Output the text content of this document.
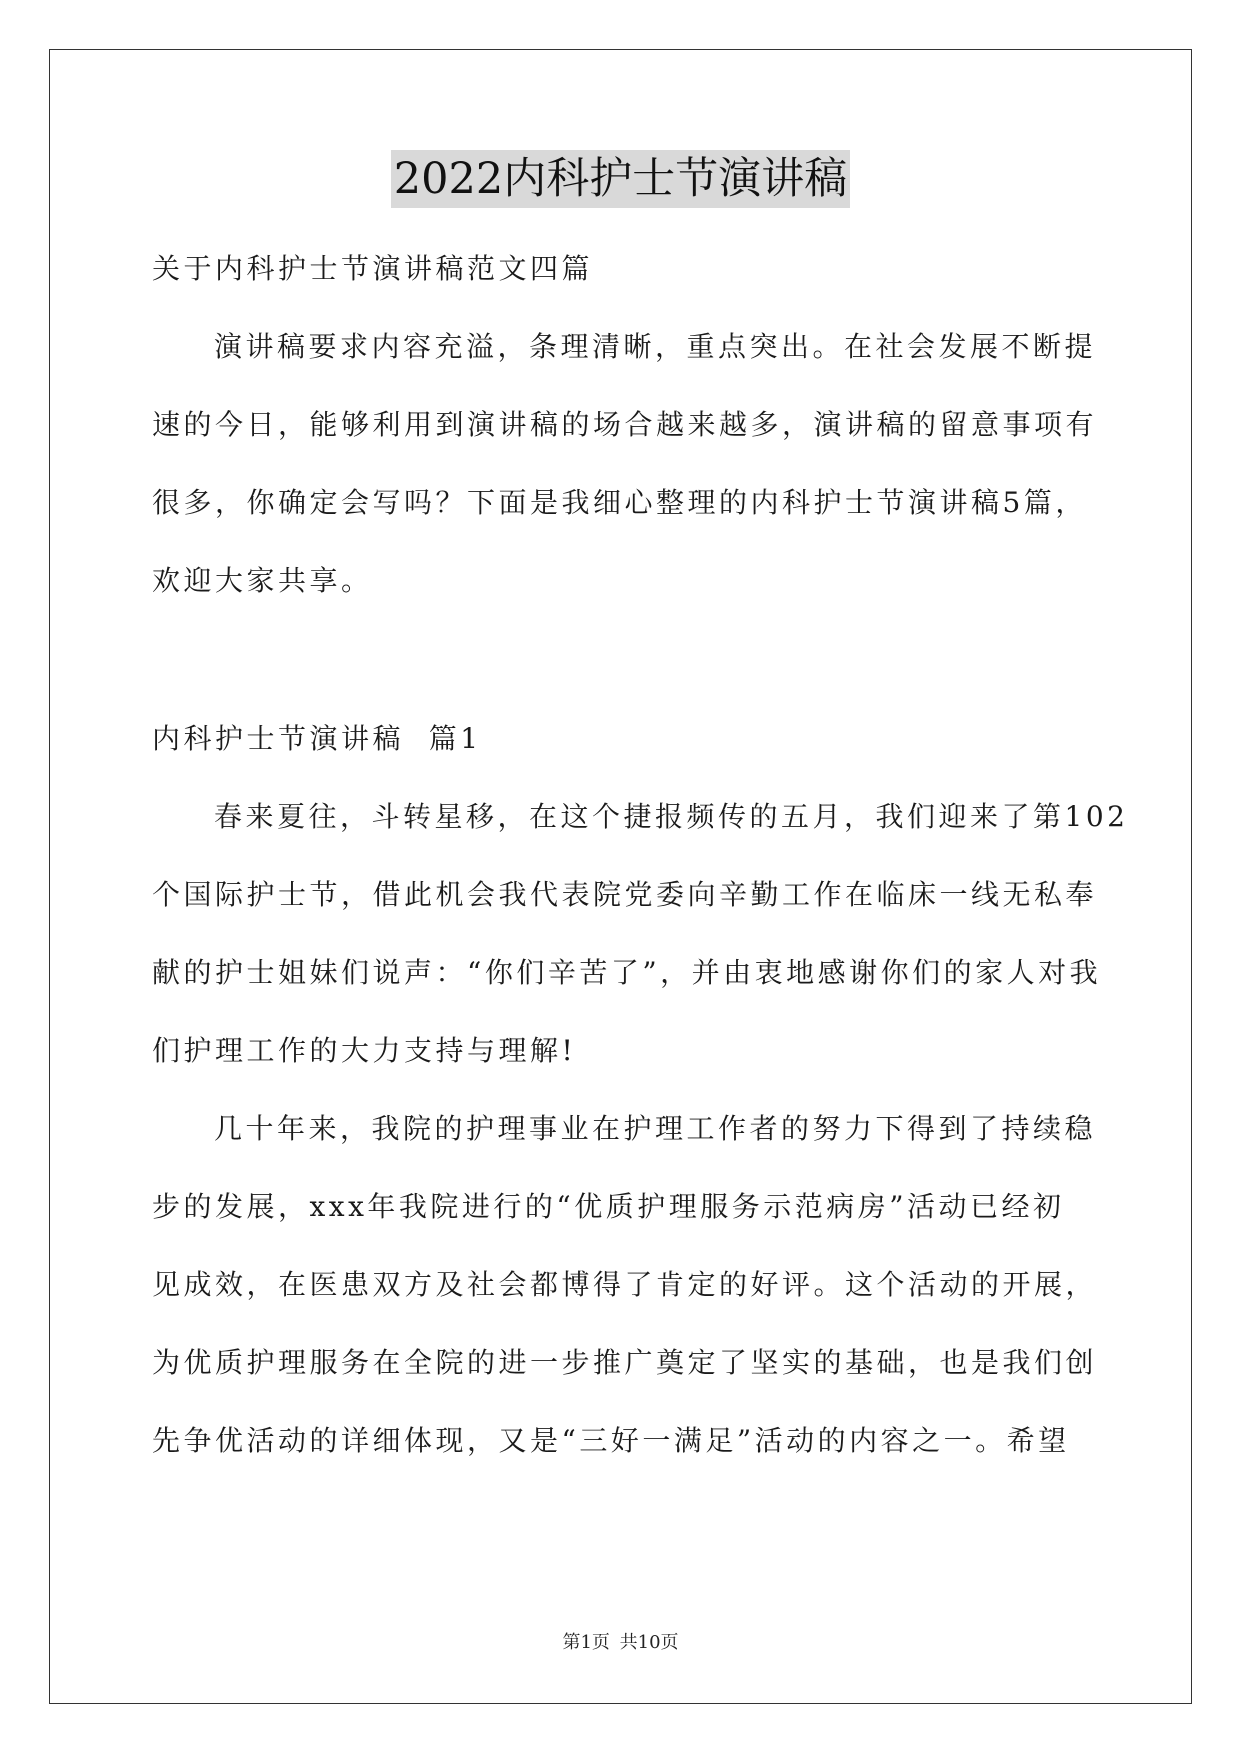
2022内科护士节演讲稿
关于内科护士节演讲稿范文四篇
演讲稿要求内容充溢，条理清晰，重点突出。在社会发展不断提
速的今日，能够利用到演讲稿的场合越来越多，演讲稿的留意事项有
很多，你确定会写吗？下面是我细心整理的内科护士节演讲稿5篇，
欢迎大家共享。
内科护士节演讲稿  篇1
春来夏往，斗转星移，在这个捷报频传的五月，我们迎来了第102
个国际护士节，借此机会我代表院党委向辛勤工作在临床一线无私奉
献的护士姐妹们说声：“你们辛苦了”，并由衷地感谢你们的家人对我
们护理工作的大力支持与理解!
几十年来，我院的护理事业在护理工作者的努力下得到了持续稳
步的发展，xxx年我院进行的“优质护理服务示范病房”活动已经初
见成效，在医患双方及社会都博得了肯定的好评。这个活动的开展，
为优质护理服务在全院的进一步推广奠定了坚实的基础，也是我们创
先争优活动的详细体现，又是“三好一满足”活动的内容之一。希望
第1页 共10页
